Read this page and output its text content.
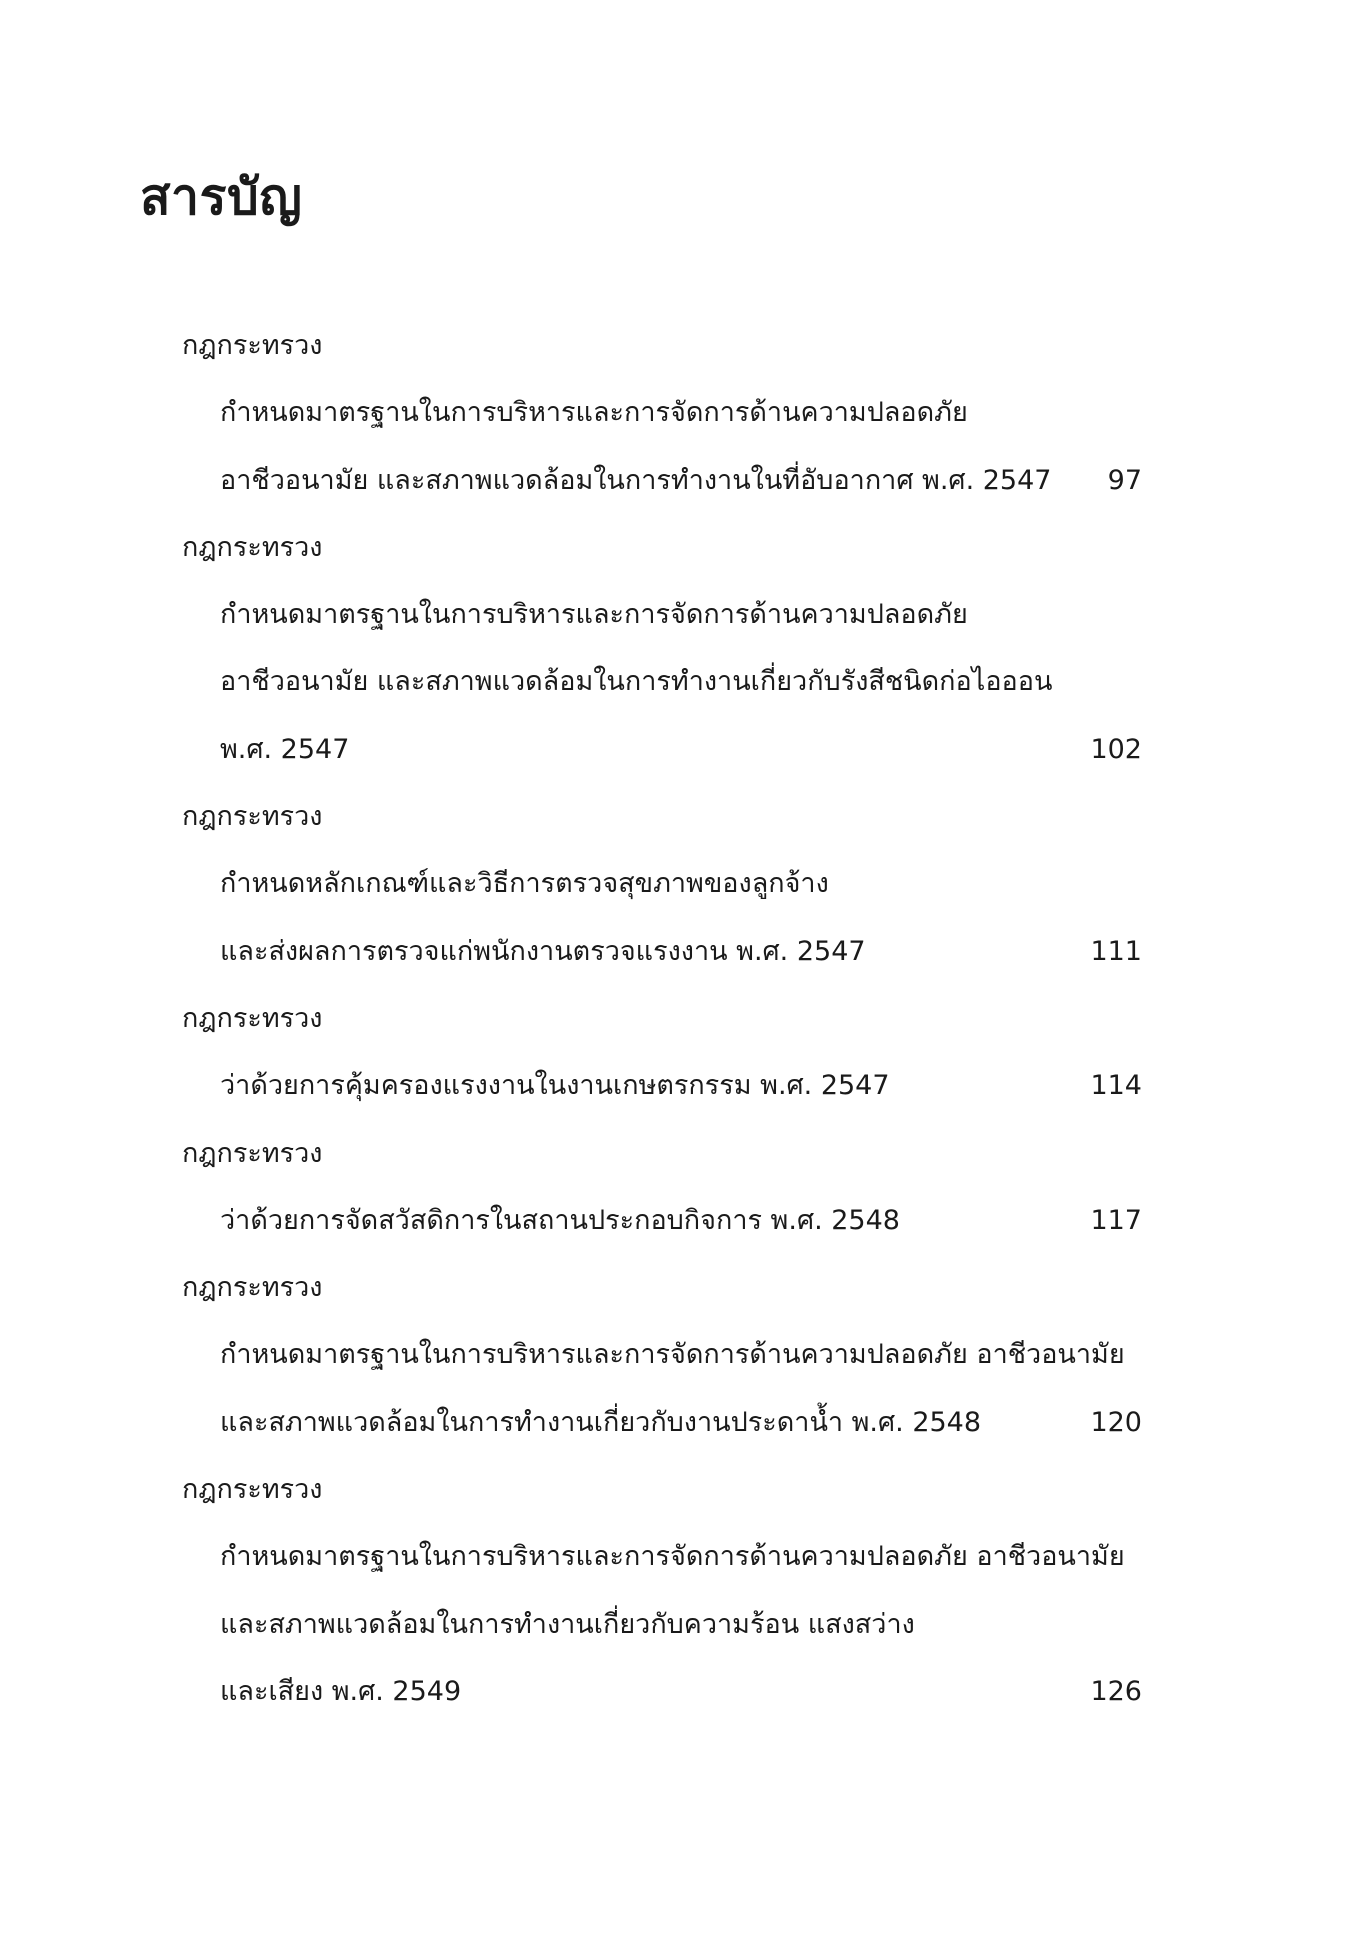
สารบัญ
กฎกระทรวง
กำหนดมาตรฐานในการบริหารและการจัดการด้านความปลอดภัย
อาชีวอนามัย และสภาพแวดล้อมในการทำงานในที่อับอากาศ พ.ศ. 2547 97
กฎกระทรวง
กำหนดมาตรฐานในการบริหารและการจัดการด้านความปลอดภัย
อาชีวอนามัย และสภาพแวดล้อมในการทำงานเกี่ยวกับรังสีชนิดก่อไอออน
พ.ศ. 2547	102
กฎกระทรวง
กำหนดหลักเกณฑ์และวิธีการตรวจสุขภาพของลูกจ้าง
และส่งผลการตรวจแก่พนักงานตรวจแรงงาน พ.ศ. 2547	111
กฎกระทรวง
ว่าด้วยการคุ้มครองแรงงานในงานเกษตรกรรม พ.ศ. 2547	114
กฎกระทรวง
ว่าด้วยการจัดสวัสดิการในสถานประกอบกิจการ พ.ศ. 2548	117
กฎกระทรวง
กำหนดมาตรฐานในการบริหารและการจัดการด้านความปลอดภัย อาชีวอนามัย
และสภาพแวดล้อมในการทำงานเกี่ยวกับงานประดาน้ำ พ.ศ. 2548	120
กฎกระทรวง
กำหนดมาตรฐานในการบริหารและการจัดการด้านความปลอดภัย อาชีวอนามัย
และสภาพแวดล้อมในการทำงานเกี่ยวกับความร้อน แสงสว่าง
และเสียง พ.ศ. 2549	126
